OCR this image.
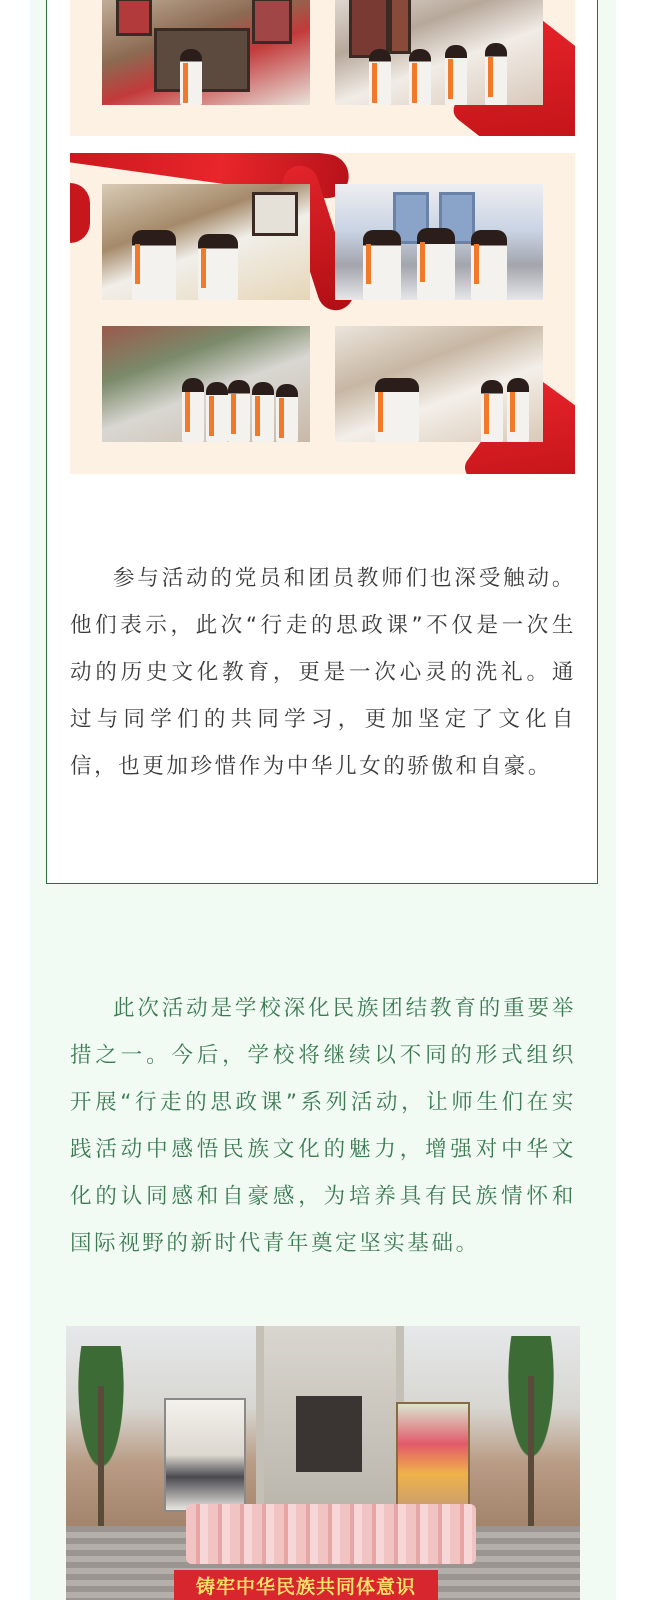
参与活动的党员和团员教师们也深受触动。他们表示，此次“行走的思政课”不仅是一次生动的历史文化教育，更是一次心灵的洗礼。通过与同学们的共同学习，更加坚定了文化自信，也更加珍惜作为中华儿女的骄傲和自豪。

此次活动是学校深化民族团结教育的重要举措之一。今后，学校将继续以不同的形式组织开展“行走的思政课”系列活动，让师生们在实践活动中感悟民族文化的魅力，增强对中华文化的认同感和自豪感，为培养具有民族情怀和国际视野的新时代青年奠定坚实基础。

铸牢中华民族共同体意识
